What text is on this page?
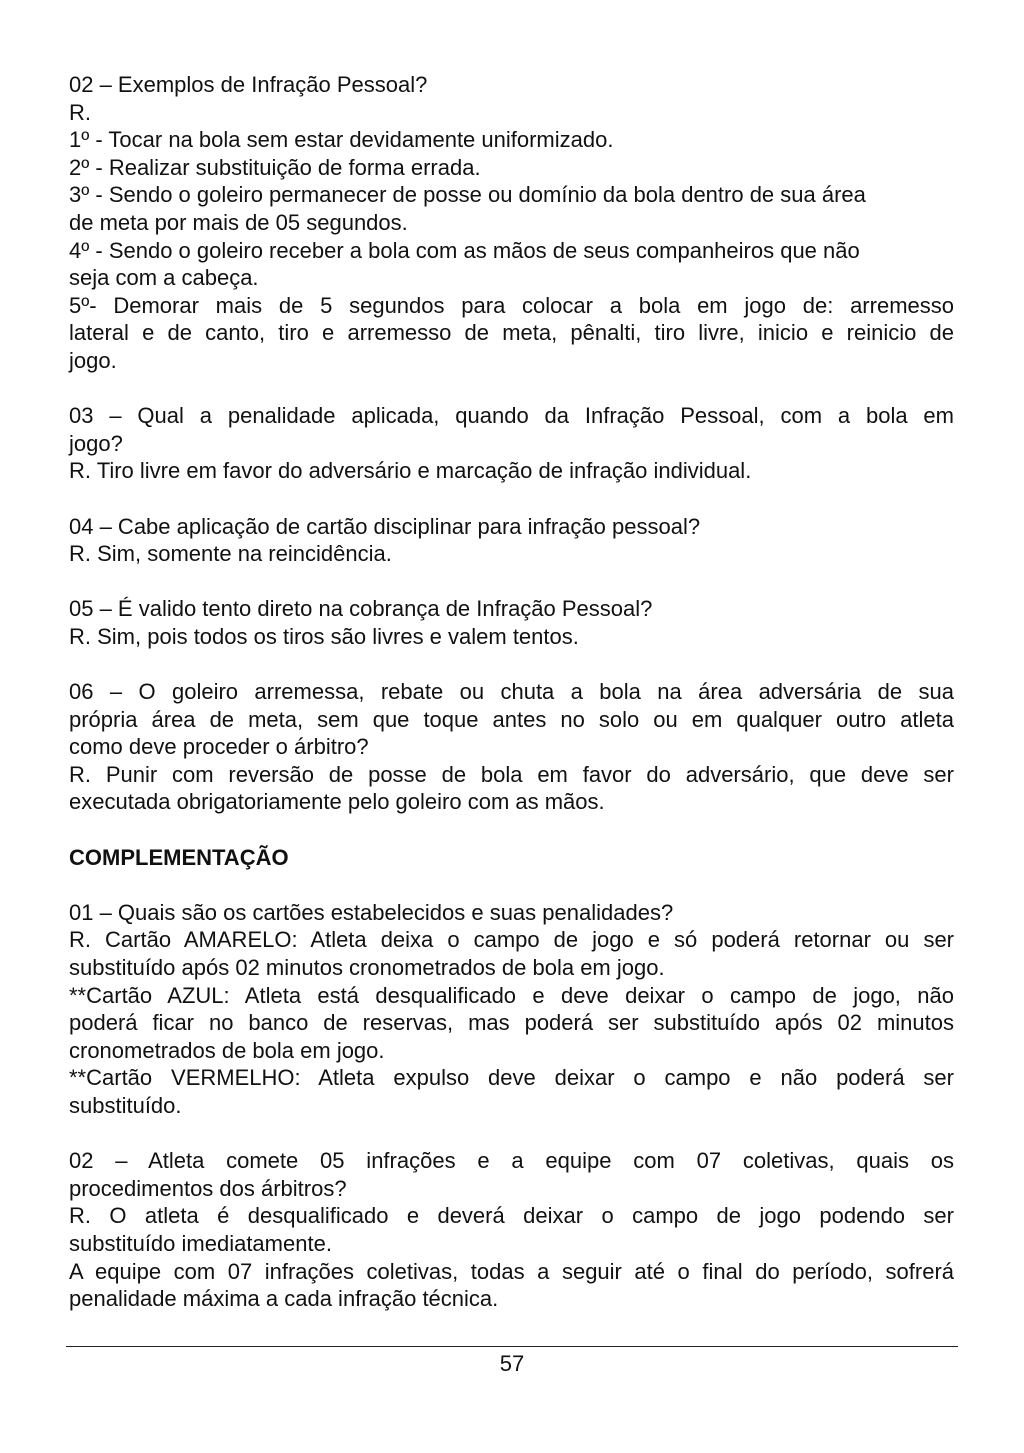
02 – Exemplos de Infração Pessoal?
R.
1º - Tocar na bola sem estar devidamente uniformizado.
2º - Realizar substituição de forma errada.
3º - Sendo o goleiro permanecer de posse ou domínio da bola dentro de sua área
de meta por mais de 05 segundos.
4º - Sendo o goleiro receber a bola com as mãos de seus companheiros que não
seja com a cabeça.
5º- Demorar mais de 5 segundos para colocar a bola em jogo de: arremesso
lateral e de canto, tiro e arremesso de meta, pênalti, tiro livre, inicio e reinicio de
jogo.
03 – Qual a penalidade aplicada, quando da Infração Pessoal, com a bola em
jogo?
R. Tiro livre em favor do adversário e marcação de infração individual.
04 – Cabe aplicação de cartão disciplinar para infração pessoal?
R. Sim, somente na reincidência.
05 – É valido tento direto na cobrança de Infração Pessoal?
R. Sim, pois todos os tiros são livres e valem tentos.
06 – O goleiro arremessa, rebate ou chuta a bola na área adversária de sua
própria área de meta, sem que toque antes no solo ou em qualquer outro atleta
como deve proceder o árbitro?
R. Punir com reversão de posse de bola em favor do adversário, que deve ser
executada obrigatoriamente pelo goleiro com as mãos.
COMPLEMENTAÇÃO
01 – Quais são os cartões estabelecidos e suas penalidades?
R. Cartão AMARELO: Atleta deixa o campo de jogo e só poderá retornar ou ser
substituído após 02 minutos cronometrados de bola em jogo.
**Cartão AZUL: Atleta está desqualificado e deve deixar o campo de jogo, não
poderá ficar no banco de reservas, mas poderá ser substituído após 02 minutos
cronometrados de bola em jogo.
**Cartão VERMELHO: Atleta expulso deve deixar o campo e não poderá ser
substituído.
02 – Atleta comete 05 infrações e a equipe com 07 coletivas, quais os
procedimentos dos árbitros?
R. O atleta é desqualificado e deverá deixar o campo de jogo podendo ser
substituído imediatamente.
A equipe com 07 infrações coletivas, todas a seguir até o final do período, sofrerá
penalidade máxima a cada infração técnica.
57
